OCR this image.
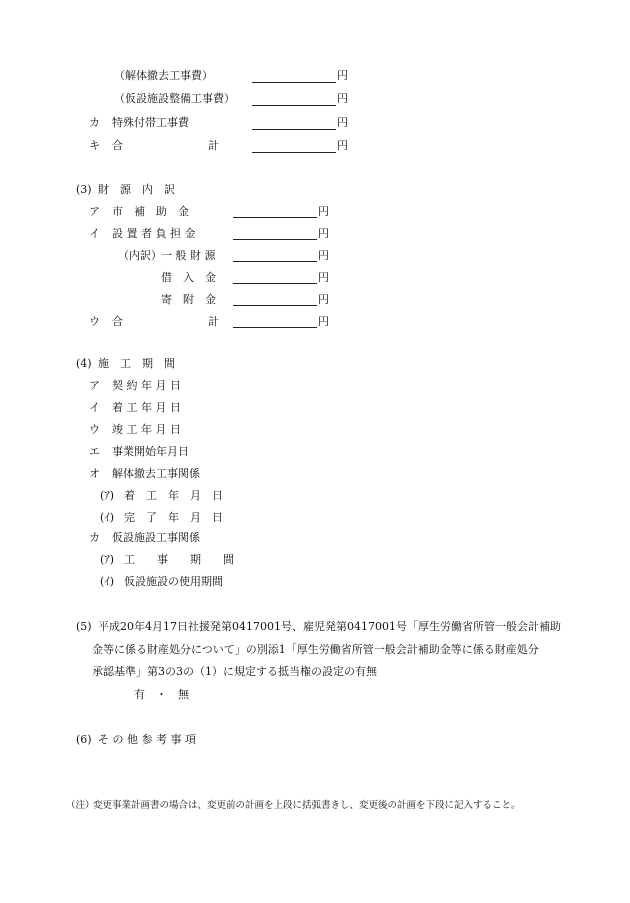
（解体撤去工事費）	円
（仮設施設整備工事費）	円
カ 特殊付帯工事費	円
キ 合	計	円
(3) 財　源　内　訳
ア 市　補　助　金	円
イ 設 置 者 負 担 金	円
（内訳） 一 般 財 源	円
借　入　金	円
寄　附　金	円
ウ 合	計	円
(4) 施　工　期　間
ア 契 約 年 月 日
イ 着 工 年 月 日
ウ 竣 工 年 月 日
エ 事業開始年月日
オ 解体撤去工事関係
(ｱ) 着　工　年　月　日
(ｲ) 完　了　年　月　日
カ 仮設施設工事関係
(ｱ) 工　　事　　期　　間
(ｲ) 仮設施設の使用期間
(5) 平成20年4月17日社援発第0417001号、雇児発第0417001号「厚生労働省所管一般会計補助
金等に係る財産処分について」の別添1「厚生労働省所管一般会計補助金等に係る財産処分
承認基準」第3の3の（1）に規定する抵当権の設定の有無
有　・　無
(6) そ の 他 参 考 事 項
（注）
変更事業計画書の場合は、変更前の計画を上段に括弧書きし、変更後の計画を下段に記入すること。
